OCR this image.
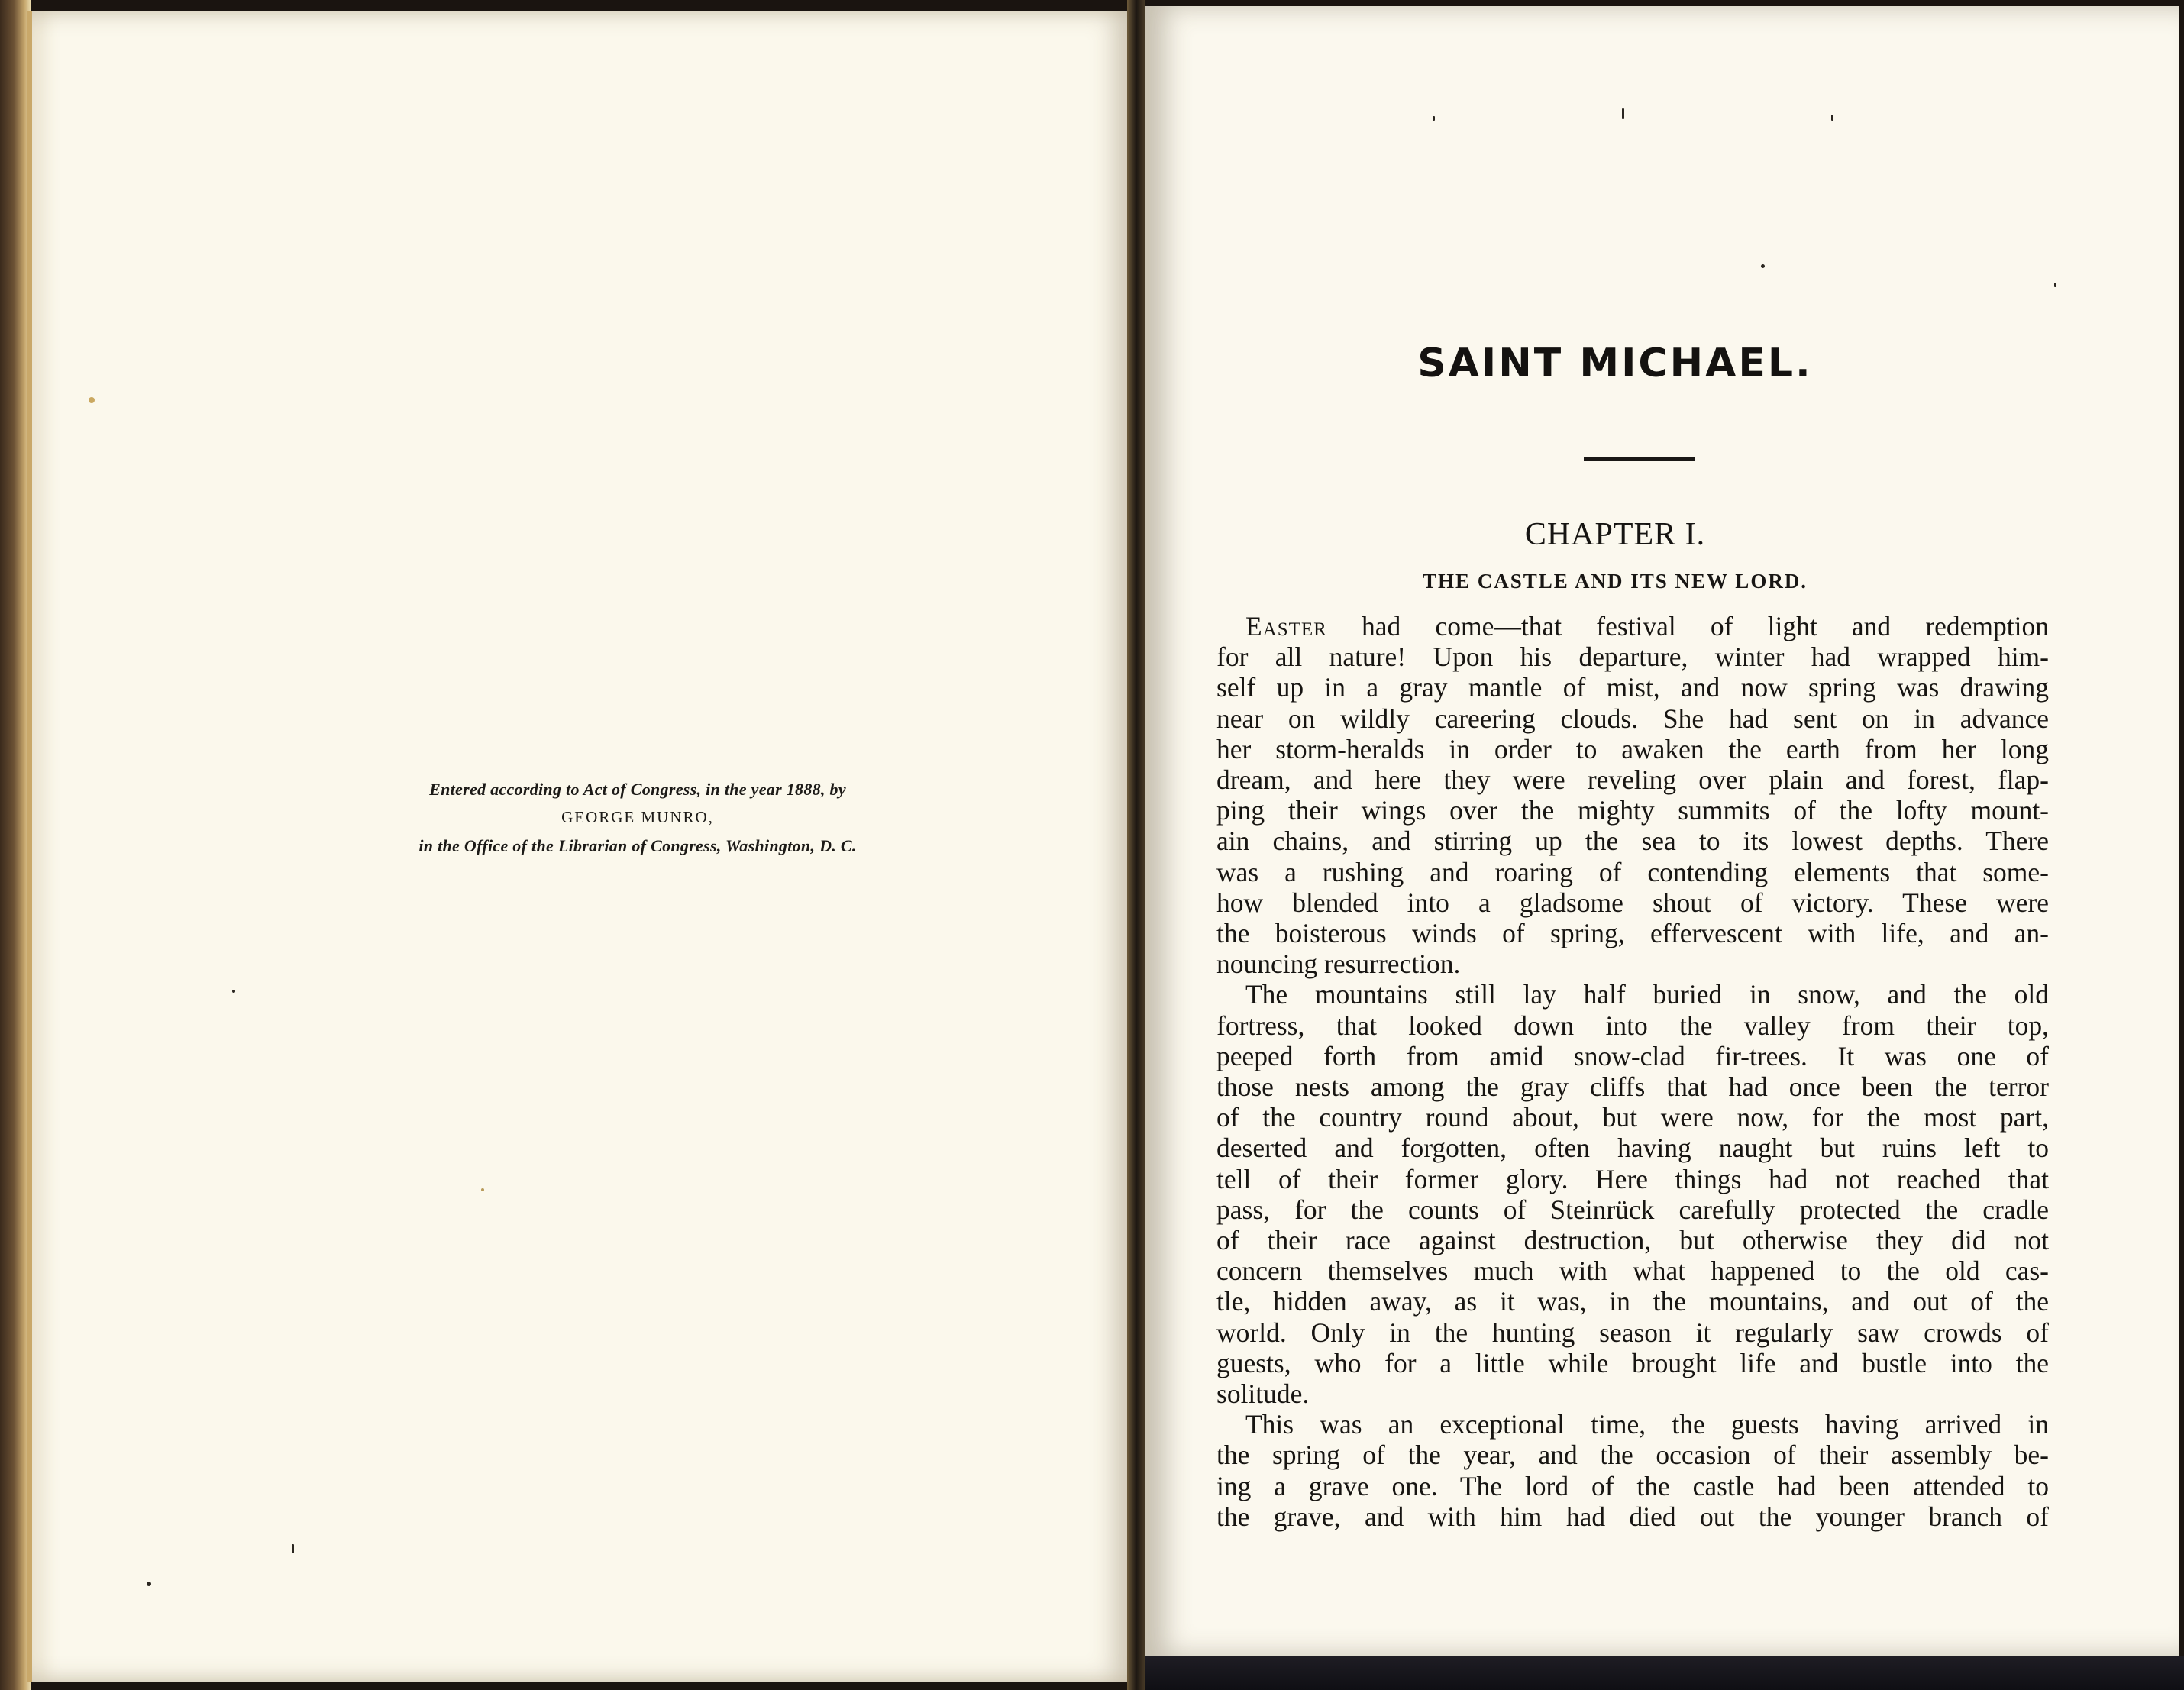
Entered according to Act of Congress, in the year 1888, by
GEORGE MUNRO,
in the Office of the Librarian of Congress, Washington, D. C.
SAINT MICHAEL.
CHAPTER I.
THE CASTLE AND ITS NEW LORD.
Easter had come—that festival of light and redemption
for all nature! Upon his departure, winter had wrapped him-
self up in a gray mantle of mist, and now spring was drawing
near on wildly careering clouds. She had sent on in advance
her storm-heralds in order to awaken the earth from her long
dream, and here they were reveling over plain and forest, flap-
ping their wings over the mighty summits of the lofty mount-
ain chains, and stirring up the sea to its lowest depths. There
was a rushing and roaring of contending elements that some-
how blended into a gladsome shout of victory. These were
the boisterous winds of spring, effervescent with life, and an-
nouncing resurrection.
The mountains still lay half buried in snow, and the old
fortress, that looked down into the valley from their top,
peeped forth from amid snow-clad fir-trees. It was one of
those nests among the gray cliffs that had once been the terror
of the country round about, but were now, for the most part,
deserted and forgotten, often having naught but ruins left to
tell of their former glory. Here things had not reached that
pass, for the counts of Steinrück carefully protected the cradle
of their race against destruction, but otherwise they did not
concern themselves much with what happened to the old cas-
tle, hidden away, as it was, in the mountains, and out of the
world. Only in the hunting season it regularly saw crowds of
guests, who for a little while brought life and bustle into the
solitude.
This was an exceptional time, the guests having arrived in
the spring of the year, and the occasion of their assembly be-
ing a grave one. The lord of the castle had been attended to
the grave, and with him had died out the younger branch of
